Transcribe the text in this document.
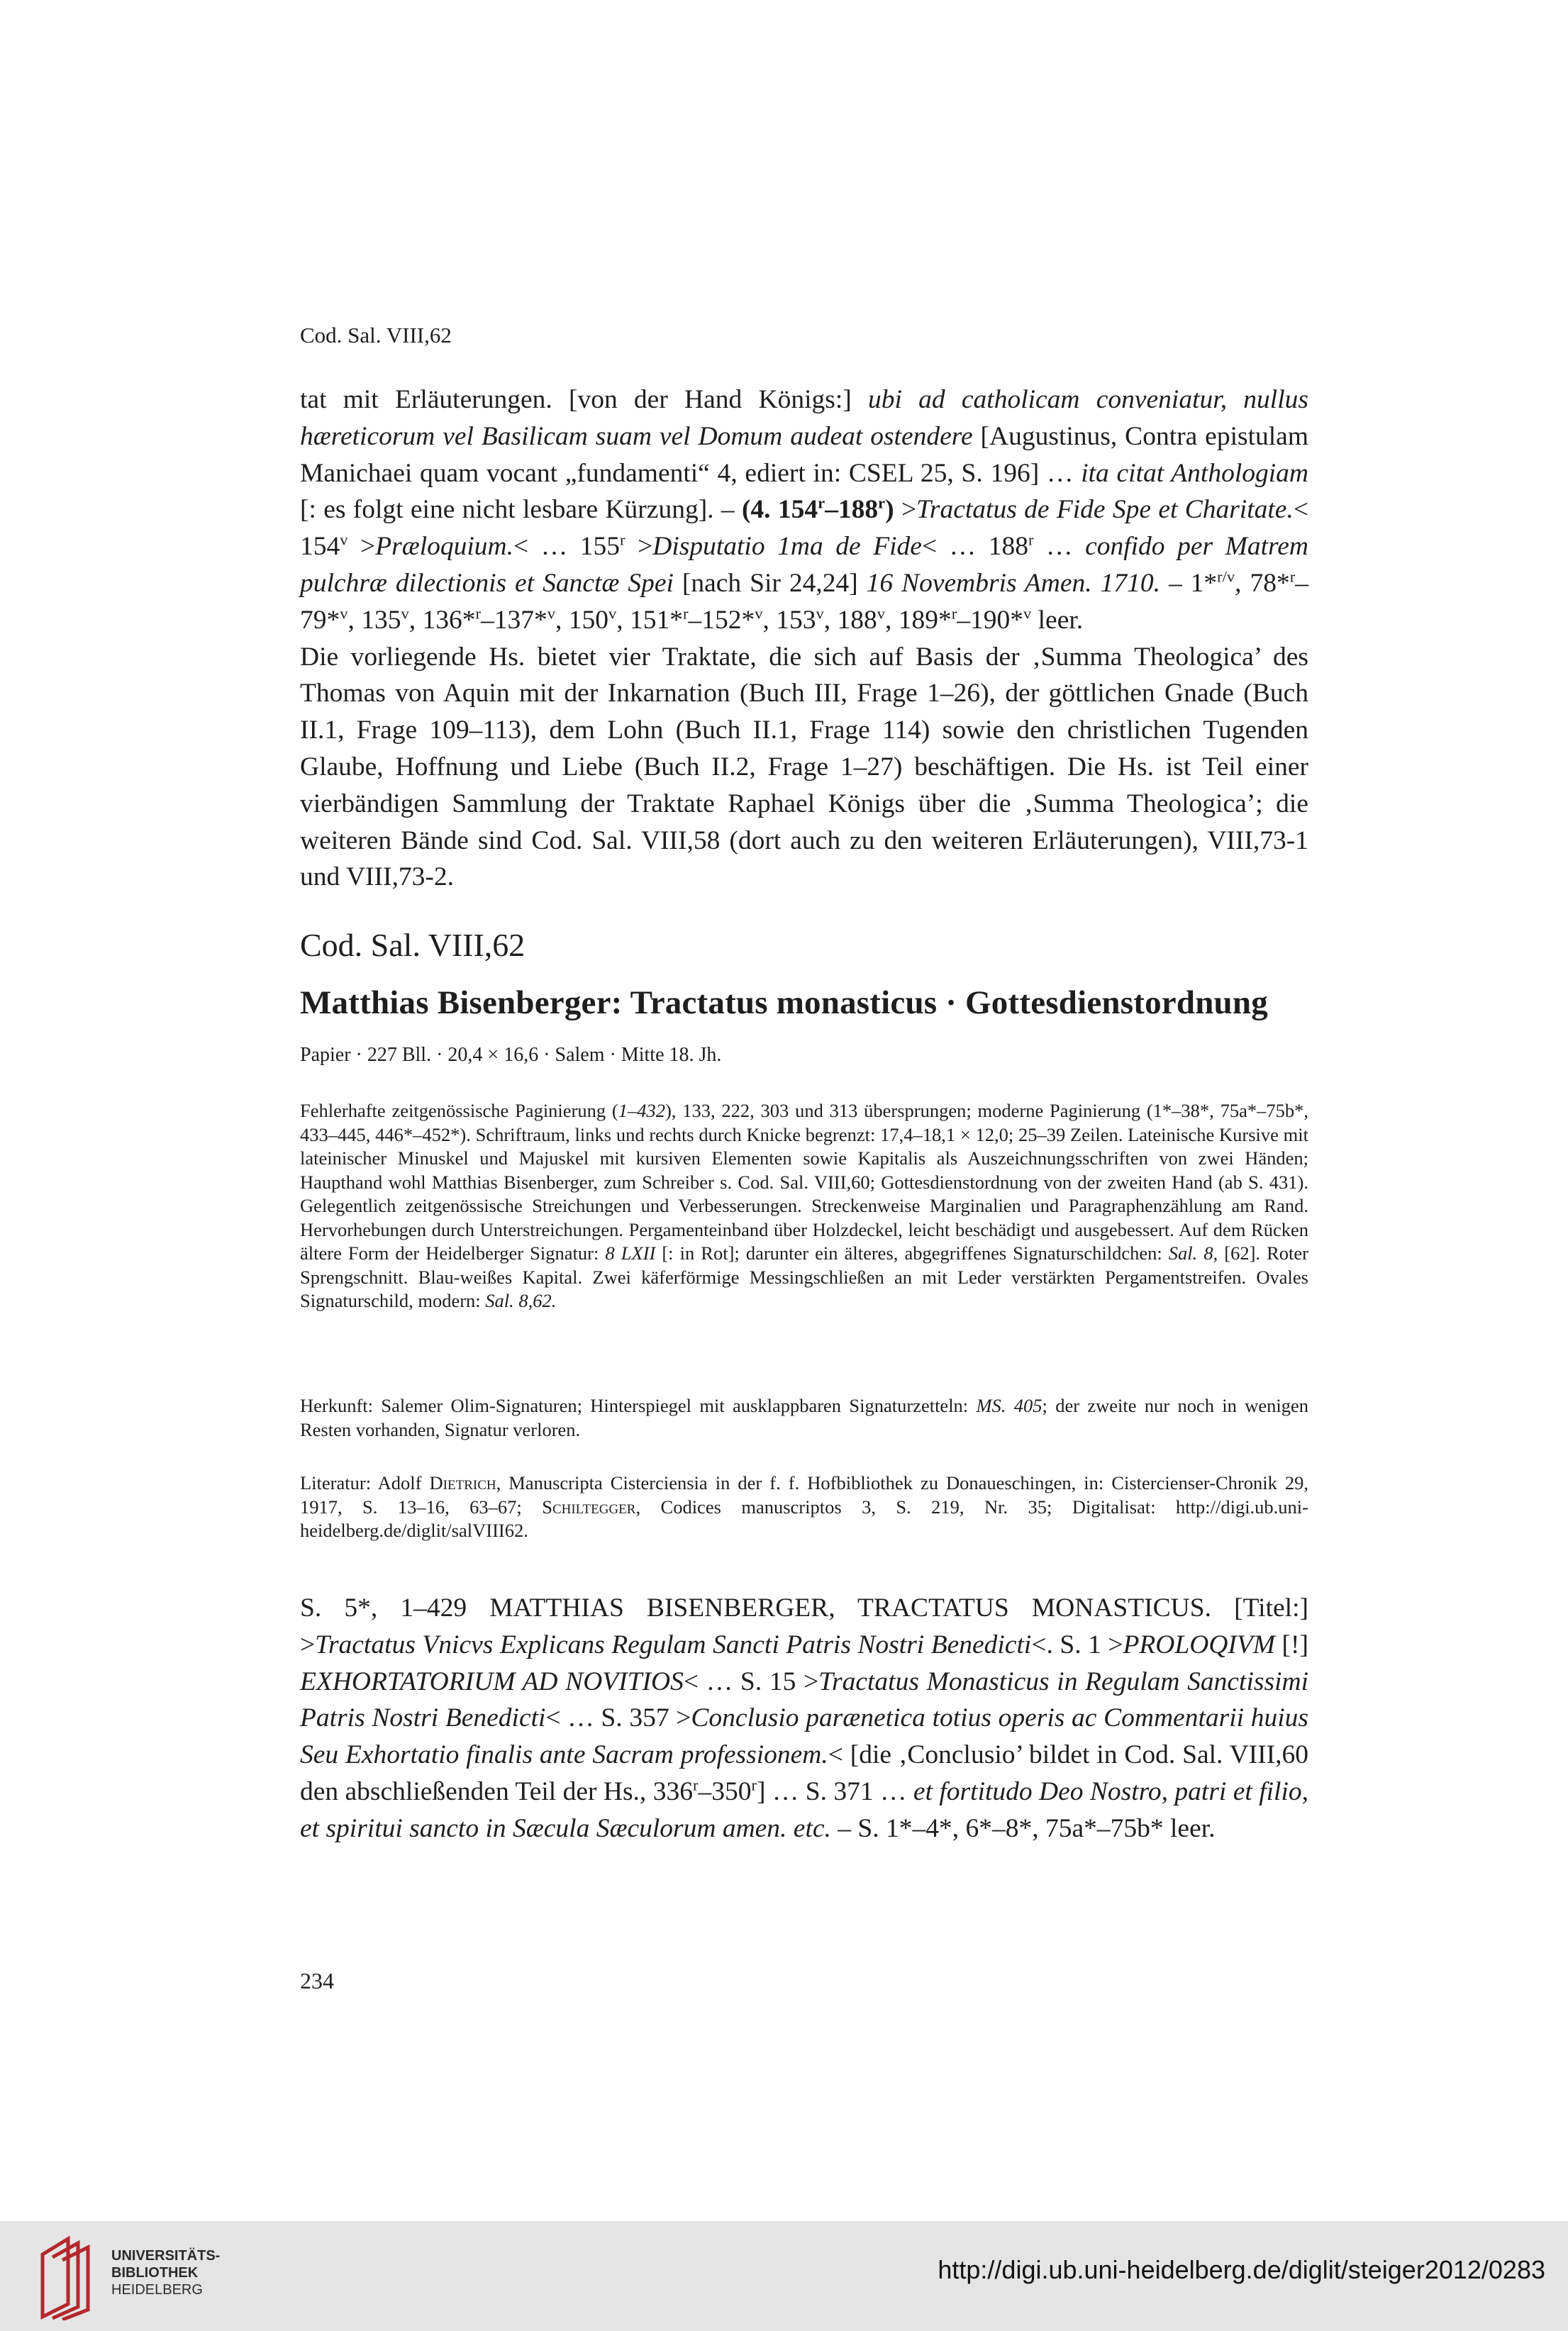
Cod. Sal. VIII,62

tat mit Erläuterungen. [von der Hand Königs:] ubi ad catholicam conveniatur, nullus hæreticorum vel Basilicam suam vel Domum audeat ostendere [Augustinus, Contra epistulam Manichaei quam vocant „fundamenti“ 4, ediert in: CSEL 25, S. 196] … ita citat Anthologiam [: es folgt eine nicht lesbare Kürzung]. – (4. $154^r-188^r$) >Tractatus de Fide Spe et Charitate.< $154^v$ >Præloquium.< … $155^r$ >Disputatio 1ma de Fide< … 188$^r$ … confido per Matrem pulchræ dilectionis et Sanctæ Spei [nach Sir 24,24] 16 Novembris Amen. 1710. – 1*$^{r/v}$, 78*$^r$–79*$^v$, 135$^v$, 136*$^r$–137*$^v$, 150$^v$, 151*$^r$–152*$^v$, 153$^v$, 188$^v$, 189*$^r$–190*$^v$ leer.

Die vorliegende Hs. bietet vier Traktate, die sich auf Basis der ‚Summa Theologica’ des Thomas von Aquin mit der Inkarnation (Buch III, Frage 1–26), der göttlichen Gnade (Buch II.1, Frage 109–113), dem Lohn (Buch II.1, Frage 114) sowie den christlichen Tugenden Glaube, Hoffnung und Liebe (Buch II.2, Frage 1–27) beschäftigen. Die Hs. ist Teil einer vierbändigen Sammlung der Traktate Raphael Königs über die ‚Summa Theologica’; die weiteren Bände sind Cod. Sal. VIII,58 (dort auch zu den weiteren Erläuterungen), VIII,73-1 und VIII,73-2.

Cod. Sal. VIII,62
Matthias Bisenberger: Tractatus monasticus · Gottesdienstordnung
Papier · 227 Bll. · 20,4 × 16,6 · Salem · Mitte 18. Jh.

Fehlerhafte zeitgenössische Paginierung (1–432), 133, 222, 303 und 313 übersprungen; moderne Paginierung (1*–38*, 75a*–75b*, 433–445, 446*–452*). Schriftraum, links und rechts durch Knicke begrenzt: 17,4–18,1 × 12,0; 25–39 Zeilen. Lateinische Kursive mit lateinischer Minuskel und Majuskel mit kursiven Elementen sowie Kapitalis als Auszeichnungsschriften von zwei Händen; Haupthand wohl Matthias Bisenberger, zum Schreiber s. Cod. Sal. VIII,60; Gottesdienstordnung von der zweiten Hand (ab S. 431). Gelegentlich zeitgenössische Streichungen und Verbesserungen. Streckenweise Marginalien und Paragraphenzählung am Rand. Hervorhebungen durch Unterstreichungen. Pergamenteinband über Holzdeckel, leicht beschädigt und ausgebessert. Auf dem Rücken ältere Form der Heidelberger Signatur: 8 LXII [: in Rot]; darunter ein älteres, abgegriffenes Signaturschildchen: Sal. 8, [62]. Roter Sprengschnitt. Blau-weißes Kapital. Zwei käferförmige Messingschließen an mit Leder verstärkten Pergamentstreifen. Ovales Signaturschild, modern: Sal. 8,62.

Herkunft: Salemer Olim-Signaturen; Hinterspiegel mit ausklappbaren Signaturzetteln: MS. 405; der zweite nur noch in wenigen Resten vorhanden, Signatur verloren.

Literatur: Adolf Dietrich, Manuscripta Cisterciensia in der f. f. Hofbibliothek zu Donaueschingen, in: Cistercienser-Chronik 29, 1917, S. 13–16, 63–67; Schiltegger, Codices manuscriptos 3, S. 219, Nr. 35; Digitalisat: http://digi.ub.uni-heidelberg.de/diglit/salVIII62.

S. 5*, 1–429 MATTHIAS BISENBERGER, TRACTATUS MONASTICUS. [Titel:] >Tractatus Vnicvs Explicans Regulam Sancti Patris Nostri Benedicti<. S. 1 >PROLOQIVM [!] EXHORTATORIUM AD NOVITIOS< … S. 15 >Tractatus Monasticus in Regulam Sanctissimi Patris Nostri Benedicti< … S. 357 >Conclusio parænetica totius operis ac Commentarii huius Seu Exhortatio finalis ante Sacram professionem.< [die ‚Conclusio’ bildet in Cod. Sal. VIII,60 den abschließenden Teil der Hs., 336$^r$–350$^r$] … S. 371 … et fortitudo Deo Nostro, patri et filio, et spiritui sancto in Sæcula Sæculorum amen. etc. – S. 1*–4*, 6*–8*, 75a*–75b* leer.

234
UNIVERSITÄTS-
BIBLIOTHEK
HEIDELBERG
http://digi.ub.uni-heidelberg.de/diglit/steiger2012/0283
